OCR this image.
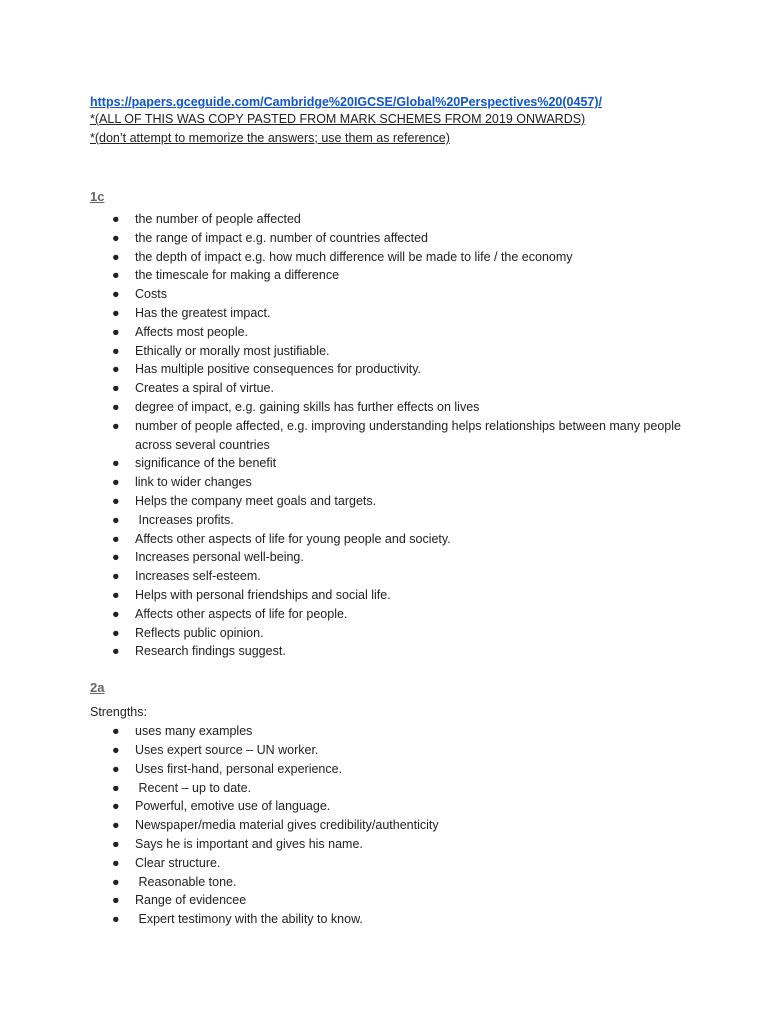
https://papers.gceguide.com/Cambridge%20IGCSE/Global%20Perspectives%20(0457)/
*(ALL OF THIS WAS COPY PASTED FROM MARK SCHEMES FROM 2019 ONWARDS)
*(don’t attempt to memorize the answers; use them as reference)
1c
● the number of people affected
● the range of impact e.g. number of countries affected
● the depth of impact e.g. how much difference will be made to life / the economy
● the timescale for making a difference
● Costs
● Has the greatest impact.
● Affects most people.
● Ethically or morally most justifiable.
● Has multiple positive consequences for productivity.
● Creates a spiral of virtue.
● degree of impact, e.g. gaining skills has further effects on lives
● number of people affected, e.g. improving understanding helps relationships between many people across several countries
● significance of the benefit
● link to wider changes
● Helps the company meet goals and targets.
● Increases profits.
● Affects other aspects of life for young people and society.
● Increases personal well-being.
● Increases self-esteem.
● Helps with personal friendships and social life.
● Affects other aspects of life for people.
● Reflects public opinion.
● Research findings suggest.
2a
Strengths:
● uses many examples
● Uses expert source – UN worker.
● Uses first-hand, personal experience.
● Recent – up to date.
● Powerful, emotive use of language.
● Newspaper/media material gives credibility/authenticity
● Says he is important and gives his name.
● Clear structure.
● Reasonable tone.
● Range of evidencee
● Expert testimony with the ability to know.
